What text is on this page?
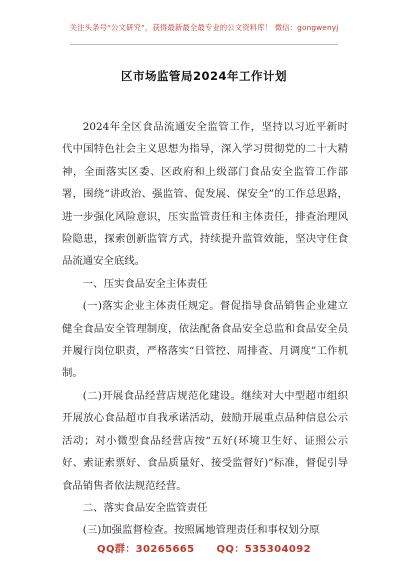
关注头条号“公文研究”，获得最新最全最专业的公文资料库！ 微信：gongwenyj
区市场监管局2024年工作计划

2024年全区食品流通安全监管工作，坚持以习近平新时代中国特色社会主义思想为指导，深入学习贯彻党的二十大精神，全面落实区委、区政府和上级部门食品安全监管工作部署，围绕“讲政治、强监管、促发展、保安全”的工作总思路，进一步强化风险意识，压实监管责任和主体责任，排查治理风险隐患，探索创新监管方式，持续提升监管效能，坚决守住食品流通安全底线。

一、压实食品安全主体责任

(一)落实企业主体责任规定。督促指导食品销售企业建立健全食品安全管理制度，依法配备食品安全总监和食品安全员并履行岗位职责，严格落实“日管控、周排查、月调度”工作机制。

(二)开展食品经营店规范化建设。继续对大中型超市组织开展放心食品超市自我承诺活动，鼓励开展重点品种信息公示活动；对小微型食品经营店按“五好(环境卫生好、证照公示好、索证索票好、食品质量好、接受监督好)”标准，督促引导食品销售者依法规范经营。

二、落实食品安全监管责任

(三)加强监督检查。按照属地管理责任和事权划分原

QQ群：30265665 QQ：535304092
